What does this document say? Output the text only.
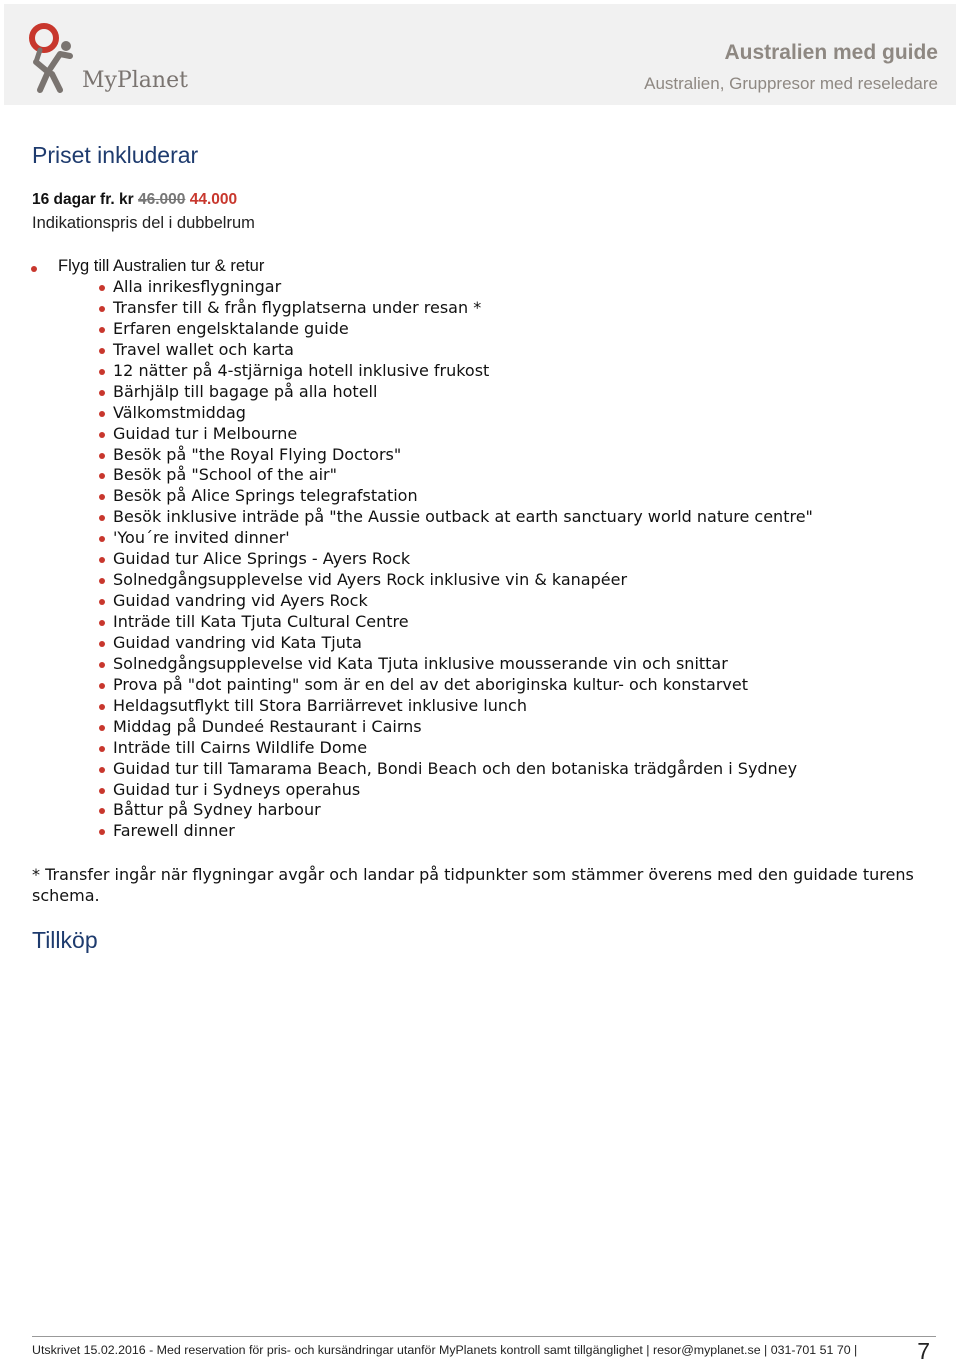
MyPlanet
Australien med guide
Australien, Gruppresor med reseledare
Priset inkluderar
16 dagar fr. kr 46.000 44.000
Indikationspris del i dubbelrum
Flyg till Australien tur & retur
Alla inrikesflygningar
Transfer till & från flygplatserna under resan *
Erfaren engelsktalande guide
Travel wallet och karta
12 nätter på 4-stjärniga hotell inklusive frukost
Bärhjälp till bagage på alla hotell
Välkomstmiddag
Guidad tur i Melbourne
Besök på "the Royal Flying Doctors"
Besök på "School of the air"
Besök på Alice Springs telegrafstation
Besök inklusive inträde på "the Aussie outback at earth sanctuary world nature centre"
'You´re invited dinner'
Guidad tur Alice Springs - Ayers Rock
Solnedgångsupplevelse vid Ayers Rock inklusive vin & kanapéer
Guidad vandring vid Ayers Rock
Inträde till Kata Tjuta Cultural Centre
Guidad vandring vid Kata Tjuta
Solnedgångsupplevelse vid Kata Tjuta inklusive mousserande vin och snittar
Prova på "dot painting" som är en del av det aboriginska kultur- och konstarvet
Heldagsutflykt till Stora Barriärrevet inklusive lunch
Middag på Dundeé Restaurant i Cairns
Inträde till Cairns Wildlife Dome
Guidad tur till Tamarama Beach, Bondi Beach och den botaniska trädgården i Sydney
Guidad tur i Sydneys operahus
Båttur på Sydney harbour
Farewell dinner
* Transfer ingår när flygningar avgår och landar på tidpunkter som stämmer överens med den guidade turens schema.
Tillköp
Utskrivet 15.02.2016 - Med reservation för pris- och kursändringar utanför MyPlanets kontroll samt tillgänglighet | resor@myplanet.se | 031-701 51 70 |	7
